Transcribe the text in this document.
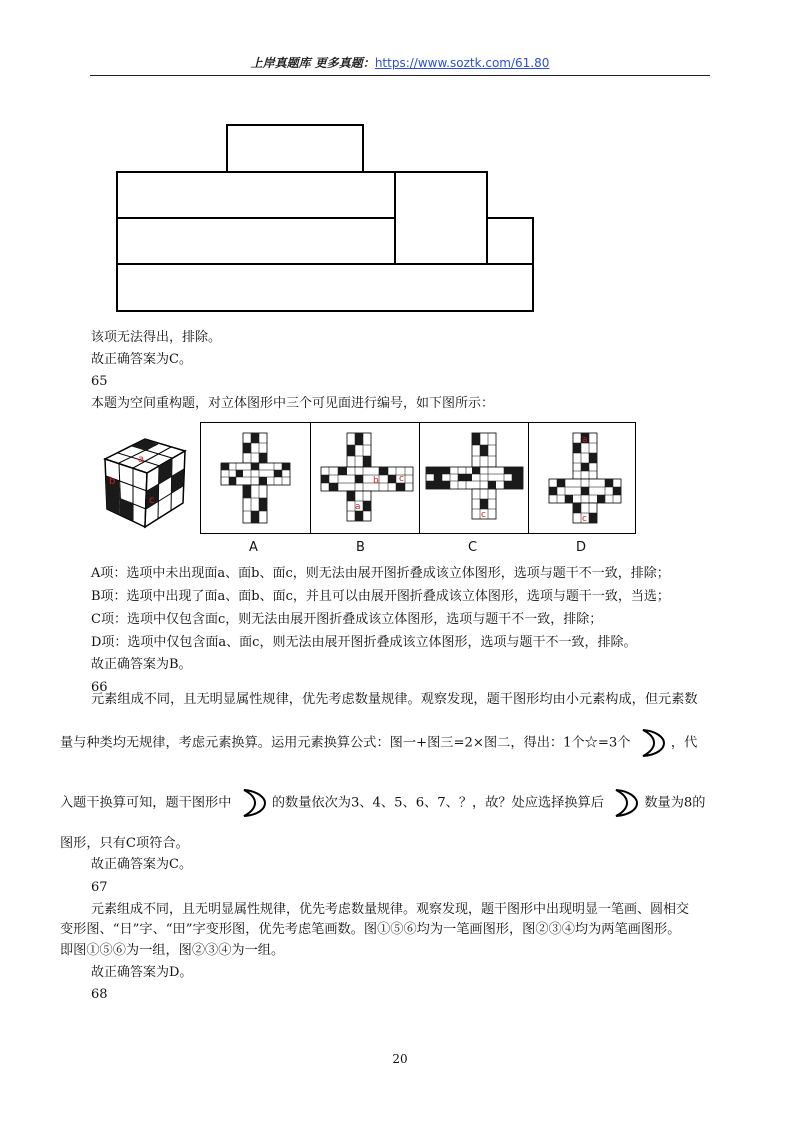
上岸真题库 更多真题：https://www.soztk.com/61.80
该项无法得出，排除。
故正确答案为C。
65
本题为空间重构题，对立体图形中三个可见面进行编号，如下图所示：
a
b
c
b c
a
c
a
c
A	B	C	D
A项：选项中未出现面a、面b、面c，则无法由展开图折叠成该立体图形，选项与题干不一致，排除；
B项：选项中出现了面a、面b、面c，并且可以由展开图折叠成该立体图形，选项与题干一致，当选；
C项：选项中仅包含面c，则无法由展开图折叠成该立体图形，选项与题干不一致，排除；
D项：选项中仅包含面a、面c，则无法由展开图折叠成该立体图形，选项与题干不一致，排除。
故正确答案为B。
66
元素组成不同，且无明显属性规律，优先考虑数量规律。观察发现，题干图形均由小元素构成，但元素数
量与种类均无规律，考虑元素换算。运用元素换算公式：图一+图三=2×图二，得出：1个☆=3个	，代
入题干换算可知，题干图形中	的数量依次为3、4、5、6、7、？，故？处应选择换算后	数量为8的
图形，只有C项符合。
故正确答案为C。
67
元素组成不同，且无明显属性规律，优先考虑数量规律。观察发现，题干图形中出现明显一笔画、圆相交
变形图、“日”字、“田”字变形图，优先考虑笔画数。图①⑤⑥均为一笔画图形，图②③④均为两笔画图形。
即图①⑤⑥为一组，图②③④为一组。
故正确答案为D。
68
20
